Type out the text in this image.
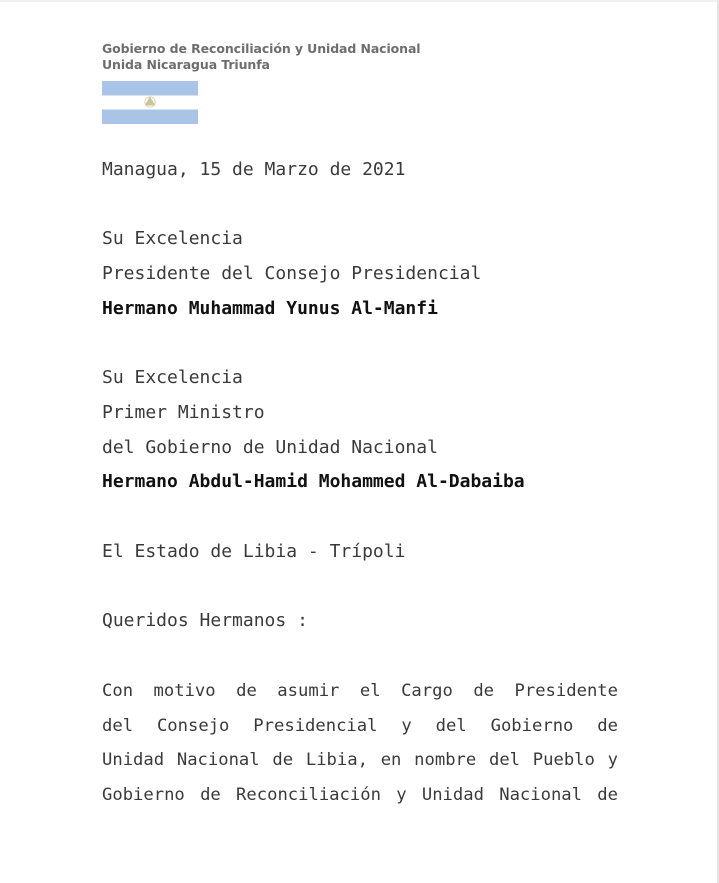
Gobierno de Reconciliación y Unidad Nacional
Unida Nicaragua Triunfa
Managua, 15 de Marzo de 2021
Su Excelencia
Presidente del Consejo Presidencial
Hermano Muhammad Yunus Al-Manfi
Su Excelencia
Primer Ministro
del Gobierno de Unidad Nacional
Hermano Abdul-Hamid Mohammed Al-Dabaiba
El Estado de Libia - Trípoli
Queridos Hermanos :
Con motivo de asumir el Cargo de Presidente
del Consejo Presidencial y del Gobierno de
Unidad Nacional de Libia, en nombre del Pueblo y
Gobierno de Reconciliación y Unidad Nacional de
